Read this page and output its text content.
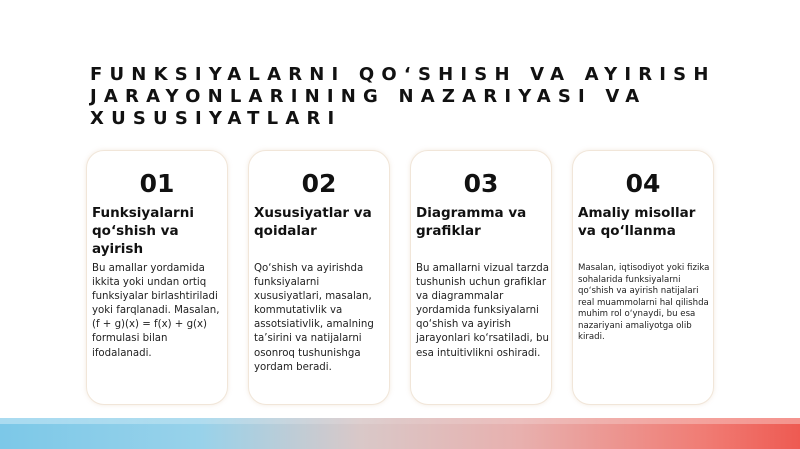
FUNKSIYALARNI QO‘SHISH VA AYIRISH JARAYONLARINING NAZARIYASI VA XUSUSIYATLARI
01
Funksiyalarni qo‘shish va ayirish
Bu amallar yordamida ikkita yoki undan ortiq funksiyalar birlashtiriladi yoki farqlanadi. Masalan, (f + g)(x) = f(x) + g(x) formulasi bilan ifodalanadi.
02
Xususiyatlar va qoidalar
Qo‘shish va ayirishda funksiyalarni xususiyatlari, masalan, kommutativlik va assotsiativlik, amalning ta’sirini va natijalarni osonroq tushunishga yordam beradi.
03
Diagramma va grafiklar
Bu amallarni vizual tarzda tushunish uchun grafiklar va diagrammalar yordamida funksiyalarni qo‘shish va ayirish jarayonlari ko‘rsatiladi, bu esa intuitivlikni oshiradi.
04
Amaliy misollar va qo‘llanma
Masalan, iqtisodiyot yoki fizika sohalarida funksiyalarni qo‘shish va ayirish natijalari real muammolarni hal qilishda muhim rol o‘ynaydi, bu esa nazariyani amaliyotga olib kiradi.
